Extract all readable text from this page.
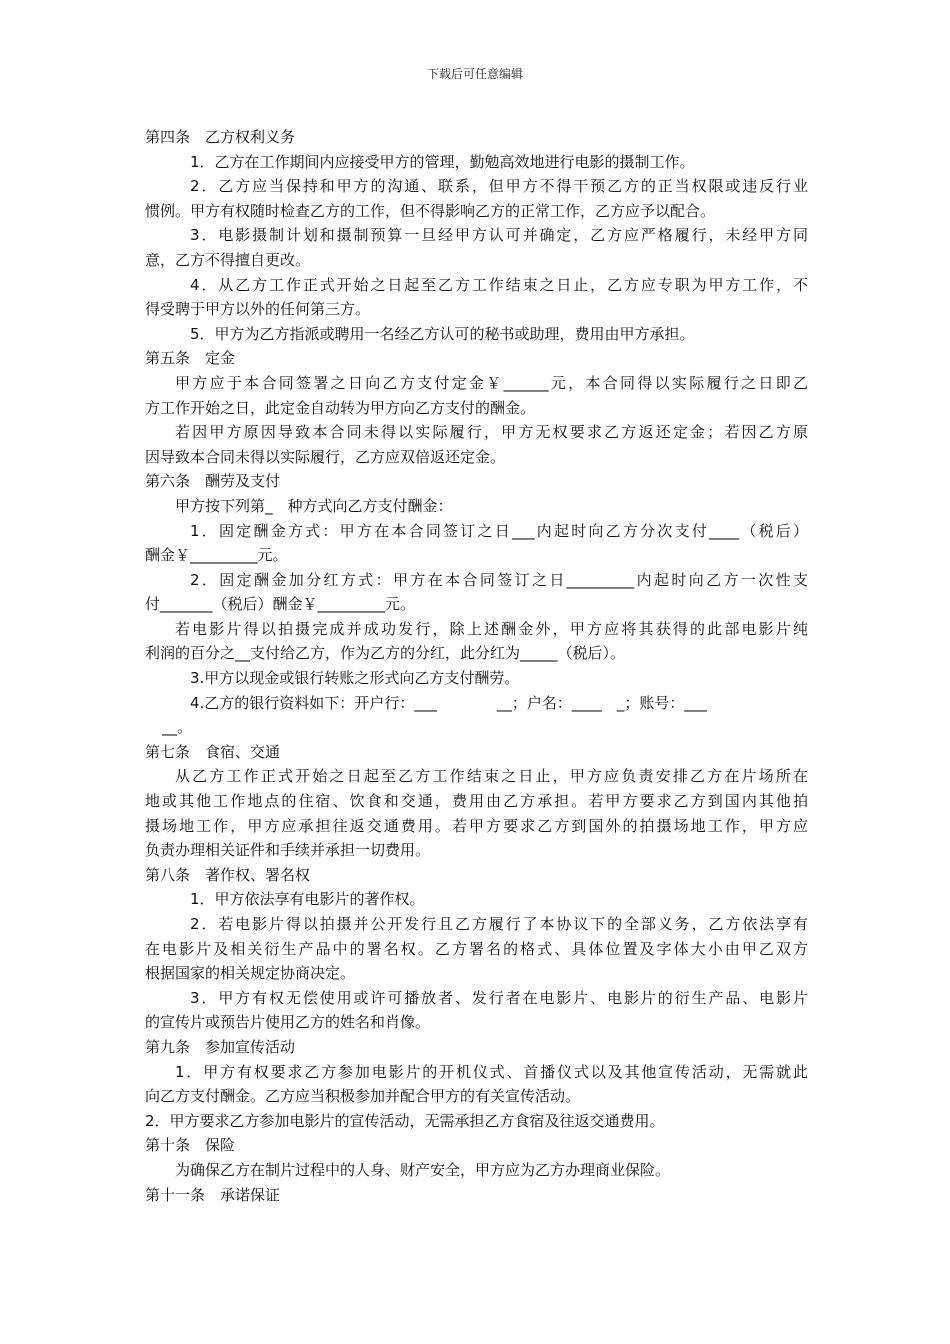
下载后可任意编辑
第四条　乙方权利义务
1．乙方在工作期间内应接受甲方的管理，勤勉高效地进行电影的摄制工作。
2．乙方应当保持和甲方的沟通、联系，但甲方不得干预乙方的正当权限或违反行业
惯例。甲方有权随时检查乙方的工作，但不得影响乙方的正常工作，乙方应予以配合。
3．电影摄制计划和摄制预算一旦经甲方认可并确定，乙方应严格履行，未经甲方同
意，乙方不得擅自更改。
4．从乙方工作正式开始之日起至乙方工作结束之日止，乙方应专职为甲方工作，不
得受聘于甲方以外的任何第三方。
5．甲方为乙方指派或聘用一名经乙方认可的秘书或助理，费用由甲方承担。
第五条　定金
甲方应于本合同签署之日向乙方支付定金￥______元，本合同得以实际履行之日即乙
方工作开始之日，此定金自动转为甲方向乙方支付的酬金。
若因甲方原因导致本合同未得以实际履行，甲方无权要求乙方返还定金；若因乙方原
因导致本合同未得以实际履行，乙方应双倍返还定金。
第六条　酬劳及支付
甲方按下列第_　种方式向乙方支付酬金：
1．固定酬金方式：甲方在本合同签订之日___内起时向乙方分次支付____（税后）
酬金￥_________元。
2．固定酬金加分红方式：甲方在本合同签订之日_________内起时向乙方一次性支
付_______（税后）酬金￥_________元。
若电影片得以拍摄完成并成功发行，除上述酬金外，甲方应将其获得的此部电影片纯
利润的百分之__支付给乙方，作为乙方的分红，此分红为_____（税后）。
3.甲方以现金或银行转账之形式向乙方支付酬劳。
4.乙方的银行资料如下：开户行：___　　　　__；户名：____　_；账号：___
__。
第七条　食宿、交通
从乙方工作正式开始之日起至乙方工作结束之日止，甲方应负责安排乙方在片场所在
地或其他工作地点的住宿、饮食和交通，费用由乙方承担。若甲方要求乙方到国内其他拍
摄场地工作，甲方应承担往返交通费用。若甲方要求乙方到国外的拍摄场地工作，甲方应
负责办理相关证件和手续并承担一切费用。
第八条　著作权、署名权
1．甲方依法享有电影片的著作权。
2．若电影片得以拍摄并公开发行且乙方履行了本协议下的全部义务，乙方依法享有
在电影片及相关衍生产品中的署名权。乙方署名的格式、具体位置及字体大小由甲乙双方
根据国家的相关规定协商决定。
3．甲方有权无偿使用或许可播放者、发行者在电影片、电影片的衍生产品、电影片
的宣传片或预告片使用乙方的姓名和肖像。
第九条　参加宣传活动
1．甲方有权要求乙方参加电影片的开机仪式、首播仪式以及其他宣传活动，无需就此
向乙方支付酬金。乙方应当积极参加并配合甲方的有关宣传活动。
2．甲方要求乙方参加电影片的宣传活动，无需承担乙方食宿及往返交通费用。
第十条　保险
为确保乙方在制片过程中的人身、财产安全，甲方应为乙方办理商业保险。
第十一条　承诺保证
